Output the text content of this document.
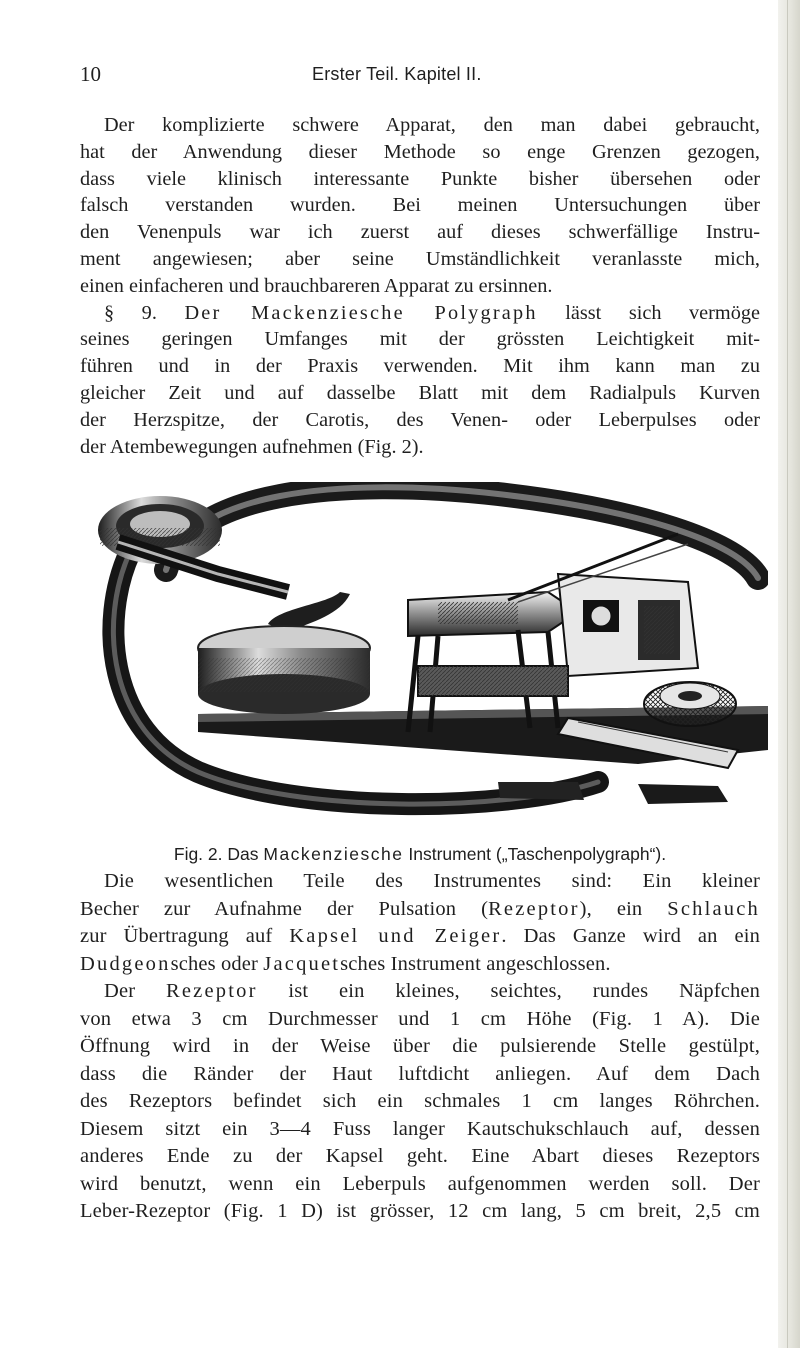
10	Erster Teil. Kapitel II.
Der komplizierte schwere Apparat, den man dabei gebraucht,
hat der Anwendung dieser Methode so enge Grenzen gezogen,
dass viele klinisch interessante Punkte bisher übersehen oder
falsch verstanden wurden. Bei meinen Untersuchungen über
den Venenpuls war ich zuerst auf dieses schwerfällige Instru-
ment angewiesen; aber seine Umständlichkeit veranlasste mich,
einen einfacheren und brauchbareren Apparat zu ersinnen.
§ 9. Der Mackenziesche Polygraph lässt sich vermöge
seines geringen Umfanges mit der grössten Leichtigkeit mit-
führen und in der Praxis verwenden. Mit ihm kann man zu
gleicher Zeit und auf dasselbe Blatt mit dem Radialpuls Kurven
der Herzspitze, der Carotis, des Venen- oder Leberpulses oder
der Atembewegungen aufnehmen (Fig. 2).
Fig. 2. Das Mackenziesche Instrument („Taschenpolygraph“).
Die wesentlichen Teile des Instrumentes sind: Ein kleiner
Becher zur Aufnahme der Pulsation (Rezeptor), ein Schlauch
zur Übertragung auf Kapsel und Zeiger. Das Ganze wird an ein
Dudgeonsches oder Jacquetsches Instrument angeschlossen.
Der Rezeptor ist ein kleines, seichtes, rundes Näpfchen
von etwa 3 cm Durchmesser und 1 cm Höhe (Fig. 1 A). Die
Öffnung wird in der Weise über die pulsierende Stelle gestülpt,
dass die Ränder der Haut luftdicht anliegen. Auf dem Dach
des Rezeptors befindet sich ein schmales 1 cm langes Röhrchen.
Diesem sitzt ein 3—4 Fuss langer Kautschukschlauch auf, dessen
anderes Ende zu der Kapsel geht. Eine Abart dieses Rezeptors
wird benutzt, wenn ein Leberpuls aufgenommen werden soll. Der
Leber-Rezeptor (Fig. 1 D) ist grösser, 12 cm lang, 5 cm breit, 2,5 cm
